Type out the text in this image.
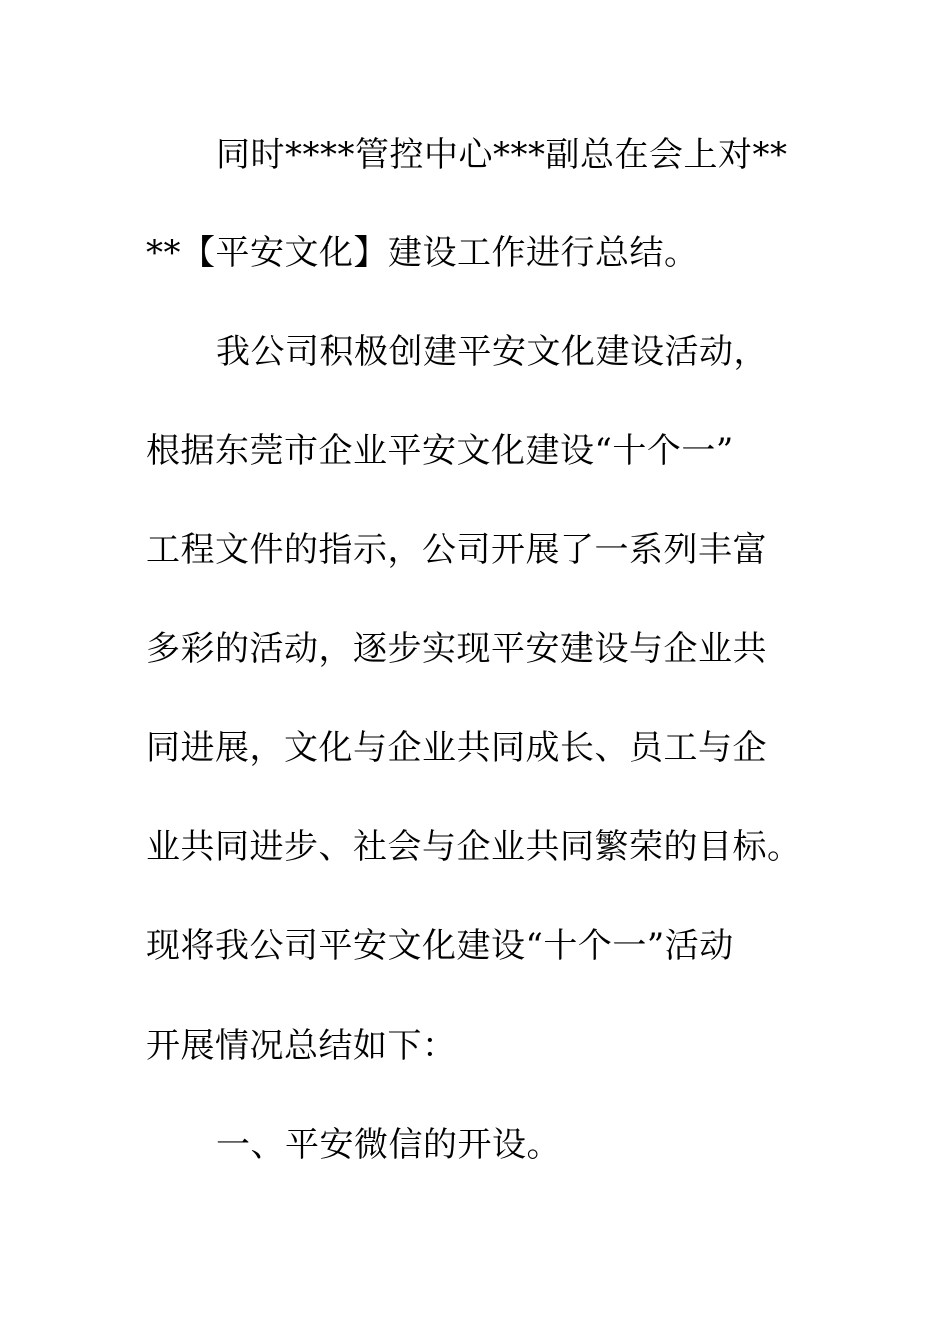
同时****管控中心***副总在会上对**
**【平安文化】建设工作进行总结。
我公司积极创建平安文化建设活动，
根据东莞市企业平安文化建设“十个一”
工程文件的指示，公司开展了一系列丰富
多彩的活动，逐步实现平安建设与企业共
同进展，文化与企业共同成长、员工与企
业共同进步、社会与企业共同繁荣的目标。
现将我公司平安文化建设“十个一”活动
开展情况总结如下：
一、平安微信的开设。
